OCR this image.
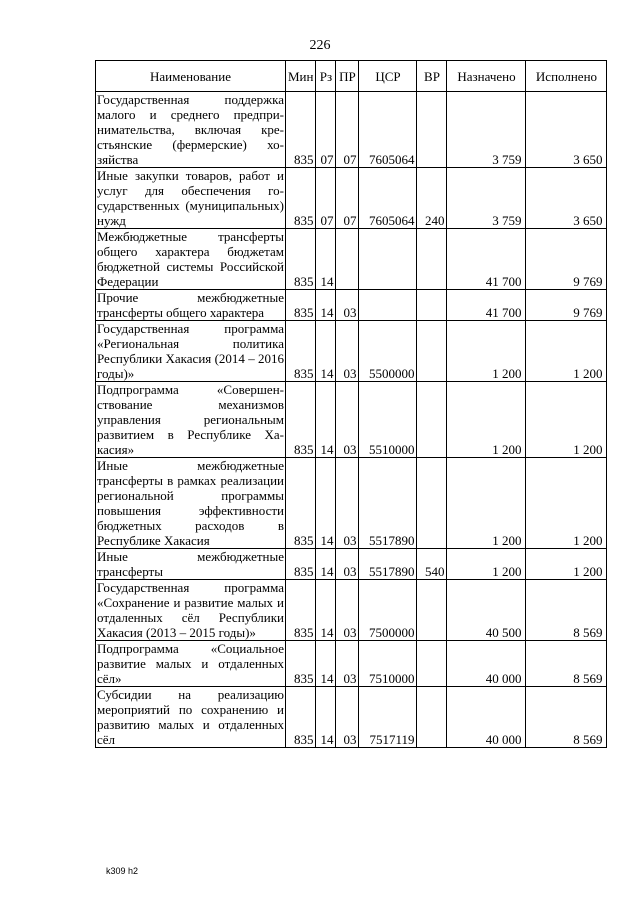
226
Наименование	Мин	Рз	ПР	ЦСР	ВР	Назначено	Исполнено
Государственная поддержка малого и среднего предпринимательства, включая крестьянские (фермерские) хозяйства	835	07	07	7605064		3 759	3 650
Иные закупки товаров, работ и услуг для обеспечения государственных (муниципальных) нужд	835	07	07	7605064	240	3 759	3 650
Межбюджетные трансферты общего характера бюджетам бюджетной системы Российской Федерации	835	14				41 700	9 769
Прочие межбюджетные трансферты общего характера	835	14	03			41 700	9 769
Государственная программа «Региональная политика Республики Хакасия (2014 – 2016 годы)»	835	14	03	5500000		1 200	1 200
Подпрограмма «Совершенствование механизмов управления региональным развитием в Республике Хакасия»	835	14	03	5510000		1 200	1 200
Иные межбюджетные трансферты в рамках реализации региональной программы повышения эффективности бюджетных расходов в Республике Хакасия	835	14	03	5517890		1 200	1 200
Иные межбюджетные трансферты	835	14	03	5517890	540	1 200	1 200
Государственная программа «Сохранение и развитие малых и отдаленных сёл Республики Хакасия (2013 – 2015 годы)»	835	14	03	7500000		40 500	8 569
Подпрограмма «Социальное развитие малых и отдаленных сёл»	835	14	03	7510000		40 000	8 569
Субсидии на реализацию мероприятий по сохранению и развитию малых и отдаленных сёл	835	14	03	7517119		40 000	8 569
k309 h2
